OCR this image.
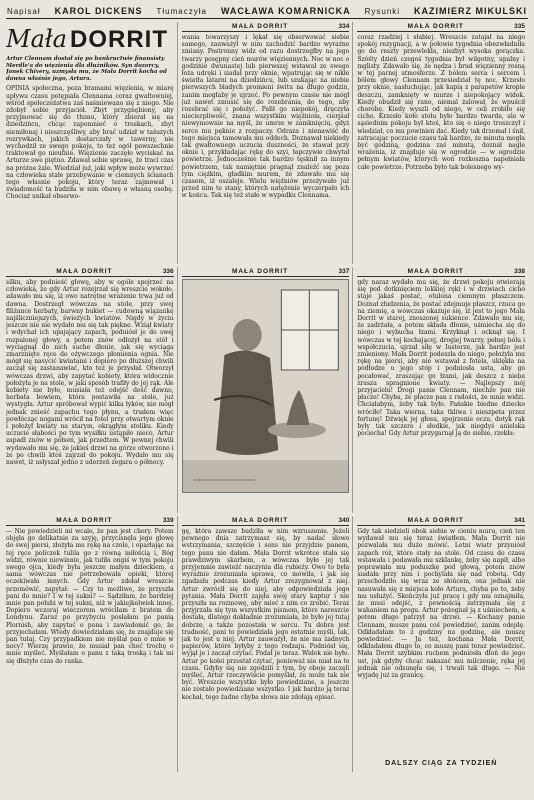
Napisał KAROL DICKENS Tłumaczyła WACŁAWA KOMARNICKA Rysunki KAZIMIERZ MIKULSKI
Mała DORRIT

Artur Clennam dostał się po bankructwie finansisty Merdle'a do więzienia dla dłużników. Syn dozorcy, Janek Chivery, uzmysła mu, że Mała Dorrit kocha od dawna właśnie jego, Artura.

OPINIA społeczna, poza bramami więzienia, w miarę upływu czasu potępiała Clennama coraz gwałtowniej, wśród społeczeństwa zaś naśmiewano się z niego. Nie zdobył sobie przyjaciół. Zbyt przygnębiony, aby przyjmować się do tłumu, który zbierał się na dziedzińcu, chcąc zapomnieć o troskach, zbyt niemiłonaj i nieszczęśliwy, aby brać udział w tańszych rozrywkach, jakich dostarczały w tawerny, nie wychodził ze swego pokoju, to też ogół powszechnie traktował go nieufnie. Więzienie zaczęło wyciskać na Arturze swe piętno. Zdawał sobie sprawę, że traci czas na próżne żale. Wiedział już, jaki wpływ może wywrzeć na człowieka stałe przebywanie w ciemnych ścianach tego własnie pokoju, który teraz zajmował i świadomość ta budziła w nim obawę o własną osobę. Chociaż unikał obserwo-

MAŁA DORRIT	334

wania towarzyszy i lękał się obserwować siebie samego, zauważył w nim zachodzić bardzo wyraźne zmiany. Postronny widz od razu dostrzegłby na jego twarzy posępny cień murów więziennych. Noc w noc o godzinie dwunastej lub pierwszej wstawał ze swego łoża udręki i siadał przy oknie, wpatrując się w nikłe światła latarni na dziedzińcu, lub szukając na niebie pierwszych bladych promieni świtu na długo godzin, zanim mogłaby je ujrzeć. Po pewnym czasie nie mógł już nawet zmusić się do rozebrania, do tego, aby rozebrać się i położyć. Pałił go niepokój, dręczyła niecierpliwość, znana wszystkim więźniom, cierpiał niewymownie na myśl, że umrze w zamknięciu, gdyż serce mu pęknie z rozpaczy. Odraza i nienawiść do tego miejsca tamowała mu oddech. Doznawał niekiedy tak gwałtownego uczucia duszności, że stawał przy oknie i, przykładając rękę do szyi, łapczywie chwytał powietrze. Jednocześnie tak bardzo tęsknił za innym powietrzem, tak namiętnie pragnął znaleźć się poza tym ciężkim, gładkim murem, że zdawało mu się czasem, iż oszaleje. Wielu więźniów przeżywało już przed nim te stany, których natężenie wyczerpało ich w końcu. Tak się też stało w wypadku Clennama.

MAŁA DORRIT	335

coraz rzadziej i słabiej. Wreszcie zatajał na niego spokój rezygnacji, a w połowie tygodnia obezwładniła go do reszty przewlekła, niezbyt wysoka gorączka. Szóśty dzień czegoś tygodnia był wilgotny, upalny i mglisty. Zdawało się, że nędza i brud więzienny rosną w tej parnej atmosferze. Z bólem serca i sercem i bólem głowy Clennam przesiedział tę noc. Krzesło przy oknie, nasłuchując, jak kapią z parapetów krople deszczu, zamknięty w murze i niepokojący widok. Kiedy obudził się rano, niemal żalował, że wpuścił chorobę. Kiedy wyszli od niego, w celi zrobiło się cicho. Krzesło koło stołu było bardzo twarde, ale w sąsiednim pokoju był ktoś, kto się o niego troszczył i wiedział, co mu powinien dać. Kiedy tak drzemał i śnił, zatracając poczucie czasu tak bardzo, że minuta mogła być godziną, godzina zaś minutą, doznał nagle wrażenia, iż znajduje się w ogrodzie — w ogrodzie pełnym kwiatów, których woń rozkoszna napełniała całe powietrze. Potrzeba było tak bolesnego wy-

MAŁA DORRIT	336

silku, aby podnieść głowę, aby w ogóle spojrzeć na człowieka, że gdy Artur rozejrzał się wreszcie wokoło, zdawało mu się, iż owo natrętne wrażenie trwa już od dawna. Dostrzegł wówczas na stole, przy swej filiżance herbaty, barwny bukiet — cudowną wiązankę najśliczniejszych, świeżych kwiatów. Nigdy w życiu jeszcze nie nie wydało mu się tak piękne. Wziął kwiaty i wdychał ich upajający zapach, podniósł je do swej rozpalonej głowy, a potem znów odłożył na stół i wyciągnął do nich suche dłonie, jak się wyciąga zmarznięte ręce do ożywczego płomienia ognia. Nie mógł się nasycić kwiatami i dopiero po dłuższej chwili zaczął się zastanawiać, kto też je przysłał. Otworzył wówczas drzwi, aby zapytać kobiety, która widocznie położyła je na stole, w jaki sposób trafiły do jej rąk. Ale kobiety nie było, musiała też odejść dość dawno, herbata bowiem, która postawiła na stole, już wystygła. Artur spróbował wypić kilka łyków, nie mógł jednak znieść zapachu tego płynu, a trudem więc powłócząc nogami wrócił na fotel przy otwartym oknie i położył kwiaty na starym, okrągłym stoliku. Kiedy uczucie słabości po tym wysiłku ustąpiło nieco, Artur zapadł znów w półsen, jak przedtem. W pewnej chwili wydawało mu się, że jakieś drzwi na górze otworzono i że po chwili ktoś zajrzał do pokoju. Wydało mu się nawet, iż usłyszał jedno z uderzeń zegara o północy.

MAŁA DORRIT	337	MAŁA DORRIT	338

gdy naraz wydało mu się, że drzwi pokoju otwierają się pod dotknięciem lekkiej ręki i w drzwiach cicho staje jakaś postać, otulona ciemnym płaszczem. Doznał złudzenia, że postać zdejmuje płaszcz, rzuca go na ziemię, a wówczas okazuje się, iż jest to jego Mała Dorrit w starej, znoszonej sukience. Zdawało mu się, że zadrżała, a potem składa dłonie, uśmiecha się do niego i wybucha łzami. Krzyknął i ocknął się. I wówczas w tej kochającej, drogiej twarzy, pełnej bólu i współczucia, ujrzał siłę w Iusterze, jak bardzo jest zmieniony. Mała Dorrit podeszła do niego, położyła mu rękę na piersi, aby nie wstawał z fotela, uklękła na podłodze u jego stóp i podniosła usta, aby go pocałować, zraszając go łzami, jak deszcz z nieba zrasza spragnione kwiaty. — Najlepszy mój przyjacielu! Drogi panie Clennam, niechże pan nie płacze! Chyba, że płacze pan z radości, że mnie widzi. Chciałabym, żeby tak było. Pańskie biedne dziecko wróciło! Taka wierna, taka tkliwa i nieszpeta przez fortunę! Dźwięk jej głosu, spojrzenie oczu, dotyk rąk były tak szczere i słodkie, jak niegdyś anielska pociecha! Gdy Artur przygarnął ją do siebie, rzekła:

MAŁA DORRIT	339

— Nie powiedzieli mi wcale, że pan jest chory. Potem objęła go delikatnie za szyję, przycisnęła jego głowę do swej piersi, złożyła mu rękę na czole, i oparłając na tej ręce policzek tulila go z równą miłością i, Bóg widzi, równie niewinnie, jak tuliła ongiś w tym pokoju swego ojca, kiedy była jeszcze małym dzieckiem, a sama wówczas nie potrzebowała opieki, której oczekiwała innych. Gdy Artur zdołał wreszcie przemówić, zapytał: — Czy to możliwe, że przyszła pani do mnie? I w tej sukni? — Sądziłam, że bardziej mnie pan polubi w tej sukni, niż w jakiejkolwiek innej. Dopiero wczoraj wieczorem wróciłam z bratem do Londynu. Zaraz po przybyciu posłałam po panią Plornish, aby zapytać o pana i zawiadomić go, że przyjechałam. Wtedy dowiedziałam się, że znajduje się pan tutaj. Czy przypadkiem nie myślał pan o mnie w nocy? Wierzę prawie, że musiał pan choć trochę o mnie myśleć. Myślałam o panu z taką troską i tak mi się dłużyło czas do ranka.

MAŁA DORRIT	340

gę, która zawsze budziła w nim wzruszenie. Jeżeli pewnego dnia zatrzymasz się, by nadać słowo wstrzymania, szczęście i sens nie przyjdzie panem, tego panu nie dałam. Mała Dorrit wkrótce stała się prawdziwym skarbem, a wówczas było jej tak przyjemnie zawieźć naczynia dla rubieży. Owo to była wyraźnie zrozumiała sprawa, co mówiła, i jak się zgadzała podczas kiedy Artur zrezygnował z niej. Artur zwrócił się do niej, aby odpowiedziała jego pytania. Mała Dorrit zajęła swój stary kaptur i nie przyszła na rozmowę, aby mieć z nim co zrobić. Teraz przyjrzała się tym wszystkim pismom, które nareszcie dostała, dlatego dokładnie zrozumiała, że było jej tutaj dobrze, a także pozostała w sercu. Tu dobra jest trudność, pani to powiedziała jego ostatnie myśli, tak, jak to jest u niej. Artur zauważył, że nie ma żadnych papierów, które byłyby z tego rodzaju. Podniósł się, wyjął je i zaczął czytać. Podał je teraz. Widok nie było. Artur po kolei przestał czytać, ponieważ nie miał na to czasu. Gdyby się nie zgodzili z tym, by oboje zaczęli myśleć, Artur rzeczywiście pomyślał, że może tak nie być. Wreszcie wszystko było powiedziane, a jeszcze nie zostało powiedziane wszystko. I jak bardzo ją teraz kochał, tego żadne chyba słowa nie zdołają opisać.

MAŁA DORRIT	341

Gdy tak siedzieli obok siebie w cieniu muru, cień ten wydawał mu się teraz światłem. Mała Dorrit nie pozwalała mu dużo mówić. Letni wiatr przyniósł zapach róż, które stały na stole. Od czasu do czasu wstawała i podawała mu szklankę, żeby się napił, albo poprawiała mu poduszkę pod głową, potem znów siadała przy nim i pochylała się nad robotą. Gdy przechodziło się wraz ze słońcem, ona jednak nie nasuwała się z miejsca koło Artura, chyba po to, żeby mu usłużyć. Skończyła już pracę i gdy mu oznajmiła, że musi odejść, z pewnością zatrzymała się z wahaniem na progu. Artur pożegnał ją z uśmiechem, a potem długo patrzył na drzwi. — Kochany panie Clennam, musze panu coś powiedzieć, zanim odejdę. Odkładałam to z godziny na godzinę, ale muszę powiedzieć. — Ja też, kochana Mała Dorrit, odkładałem długo to, co muszę pani teraz powiedzieć. Mała Dorrit szybkim ruchem podniosła dłoń do jego ust, jak gdyby chcąc nakazać mu milczenie, ręka jej jednak nie odsunęła się, i trwali tak długo. — Nie wyjadę już za granicę.

DALSZY CIĄG ZA TYDZIEŃ
